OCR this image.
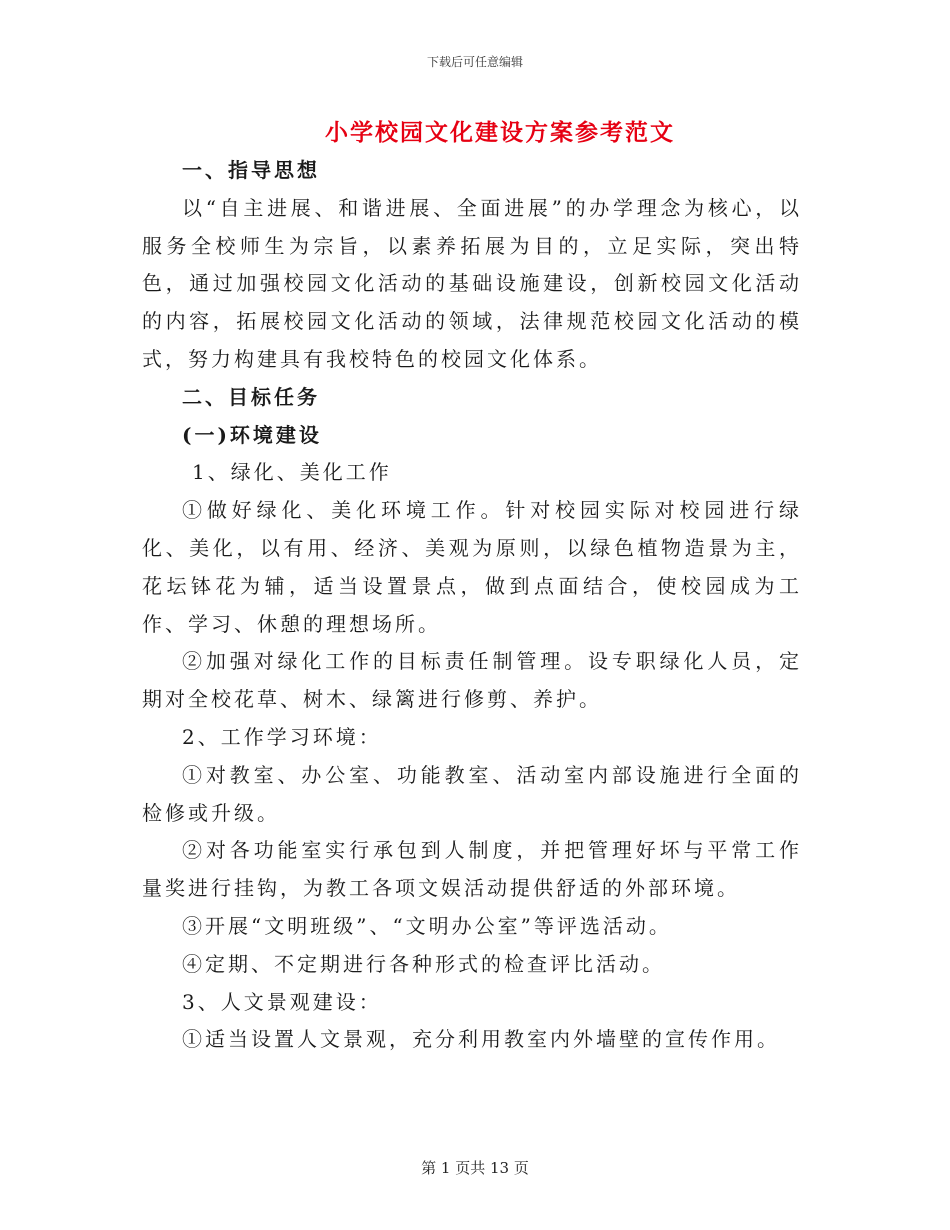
下载后可任意编辑
小学校园文化建设方案参考范文

一、指导思想

以“自主进展、和谐进展、全面进展”的办学理念为核心，以服务全校师生为宗旨，以素养拓展为目的，立足实际，突出特色，通过加强校园文化活动的基础设施建设，创新校园文化活动的内容，拓展校园文化活动的领域，法律规范校园文化活动的模式，努力构建具有我校特色的校园文化体系。

二、目标任务

(一)环境建设

1、绿化、美化工作

①做好绿化、美化环境工作。针对校园实际对校园进行绿化、美化，以有用、经济、美观为原则，以绿色植物造景为主，花坛钵花为辅，适当设置景点，做到点面结合，使校园成为工作、学习、休憩的理想场所。

②加强对绿化工作的目标责任制管理。设专职绿化人员，定期对全校花草、树木、绿篱进行修剪、养护。

2、工作学习环境：

①对教室、办公室、功能教室、活动室内部设施进行全面的检修或升级。

②对各功能室实行承包到人制度，并把管理好坏与平常工作量奖进行挂钩，为教工各项文娱活动提供舒适的外部环境。

③开展“文明班级”、“文明办公室”等评选活动。

④定期、不定期进行各种形式的检查评比活动。

3、人文景观建设：

①适当设置人文景观，充分利用教室内外墙壁的宣传作用。

第 1 页共 13 页
